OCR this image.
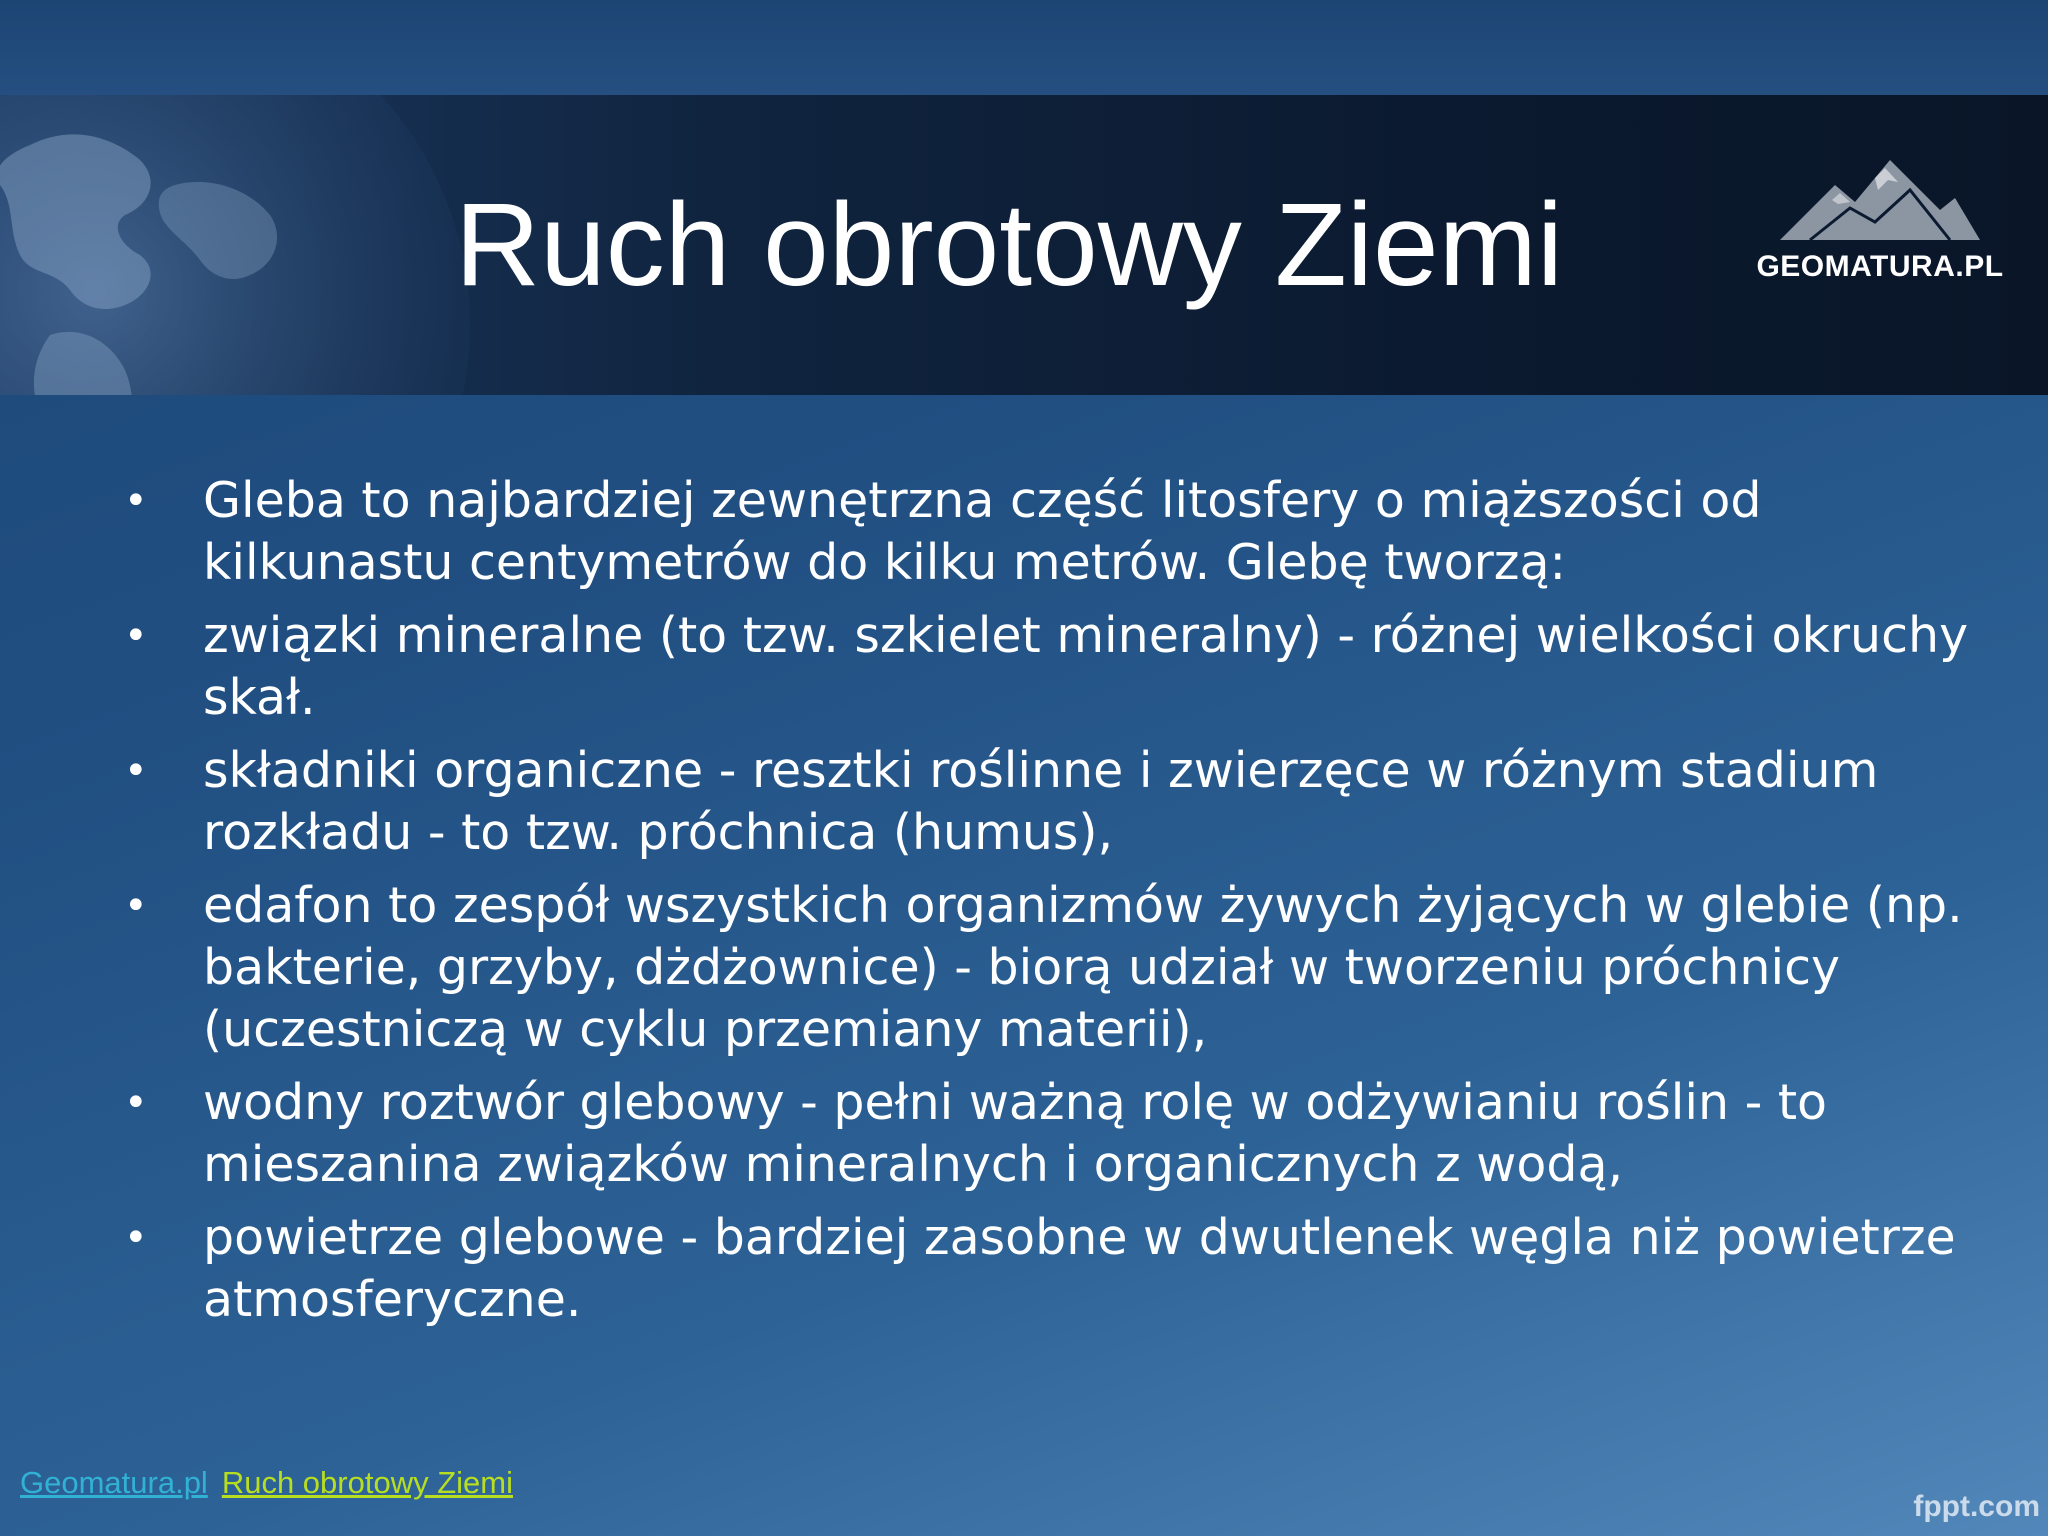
Ruch obrotowy Ziemi	GEOMATURA.PL
• Gleba to najbardziej zewnętrzna część litosfery o miąższości od kilkunastu centymetrów do kilku metrów. Glebę tworzą:
• związki mineralne (to tzw. szkielet mineralny) - różnej wielkości okruchy skał.
• składniki organiczne - resztki roślinne i zwierzęce w różnym stadium rozkładu - to tzw. próchnica (humus),
• edafon to zespół wszystkich organizmów żywych żyjących w glebie (np. bakterie, grzyby, dżdżownice) - biorą udział w tworzeniu próchnicy (uczestniczą w cyklu przemiany materii),
• wodny roztwór glebowy - pełni ważną rolę w odżywianiu roślin - to mieszanina związków mineralnych i organicznych z wodą,
• powietrze glebowe - bardziej zasobne w dwutlenek węgla niż powietrze atmosferyczne.
Geomatura.pl Ruch obrotowy Ziemi
fppt.com
